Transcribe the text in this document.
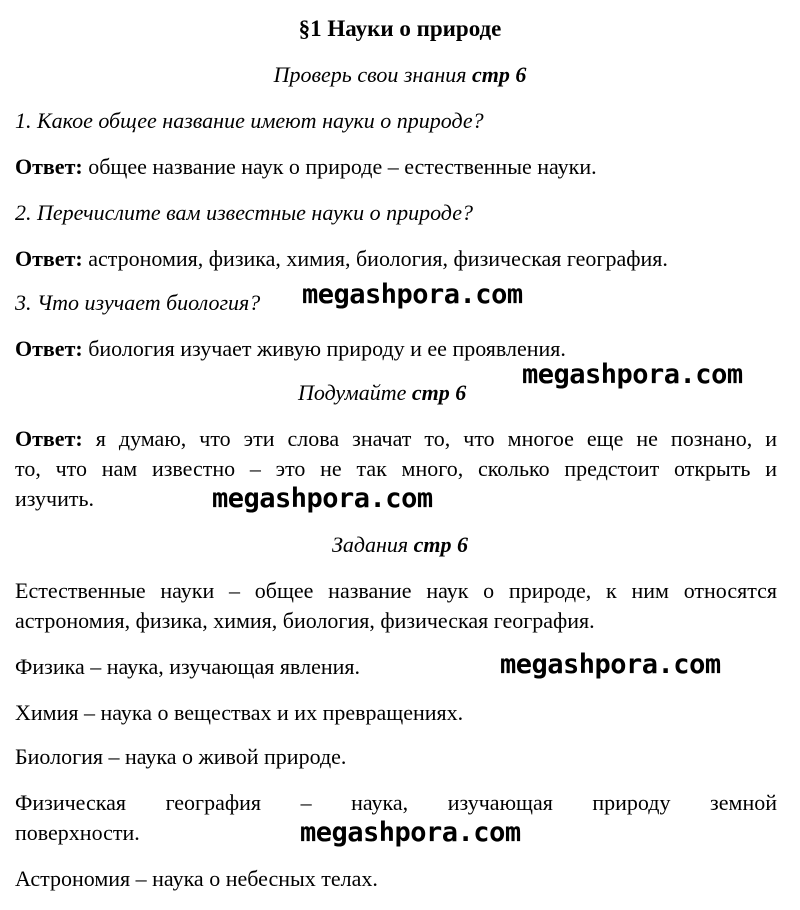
§1 Науки о природе
Проверь свои знания стр 6
1. Какое общее название имеют науки о природе?
Ответ: общее название наук о природе – естественные науки.
2. Перечислите вам известные науки о природе?
Ответ: астрономия, физика, химия, биология, физическая география.
3. Что изучает биология? megashpora.com
Ответ: биология изучает живую природу и ее проявления.
Подумайте стр 6
megashpora.com
Ответ: я думаю, что эти слова значат то, что многое еще не познано, и
то, что нам известно – это не так много, сколько предстоит открыть и
изучить.	megashpora.com
Задания стр 6
Естественные науки – общее название наук о природе, к ним относятся
астрономия, физика, химия, биология, физическая география.
Физика – наука, изучающая явления.	megashpora.com
Химия – наука о веществах и их превращениях.
Биология – наука о живой природе.
Физическая география – наука, изучающая природу земной
поверхности.	megashpora.com
Астрономия – наука о небесных телах.
